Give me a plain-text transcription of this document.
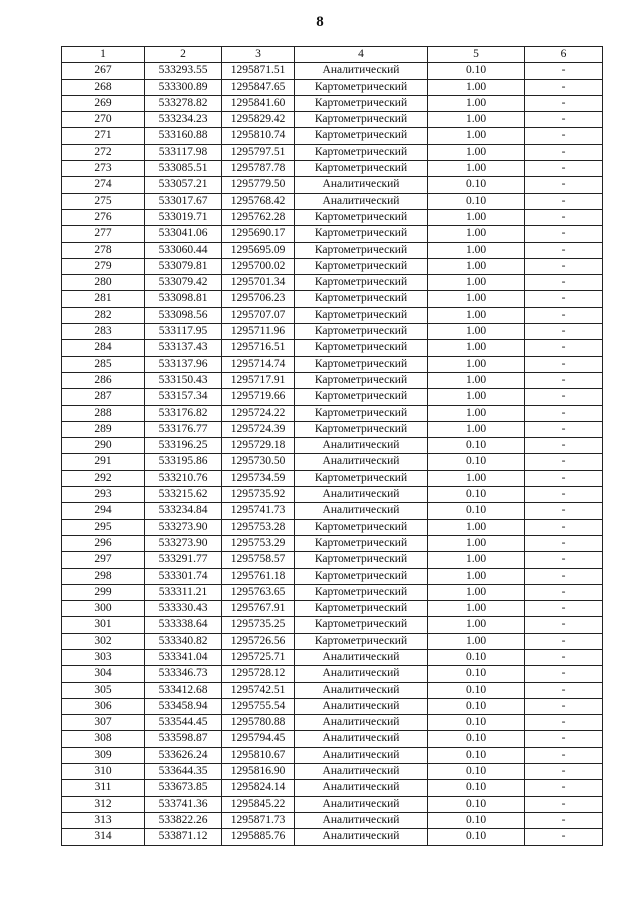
8
1	2	3	4	5	6
267	533293.55	1295871.51	Аналитический	0.10	-
268	533300.89	1295847.65	Картометрический	1.00	-
269	533278.82	1295841.60	Картометрический	1.00	-
270	533234.23	1295829.42	Картометрический	1.00	-
271	533160.88	1295810.74	Картометрический	1.00	-
272	533117.98	1295797.51	Картометрический	1.00	-
273	533085.51	1295787.78	Картометрический	1.00	-
274	533057.21	1295779.50	Аналитический	0.10	-
275	533017.67	1295768.42	Аналитический	0.10	-
276	533019.71	1295762.28	Картометрический	1.00	-
277	533041.06	1295690.17	Картометрический	1.00	-
278	533060.44	1295695.09	Картометрический	1.00	-
279	533079.81	1295700.02	Картометрический	1.00	-
280	533079.42	1295701.34	Картометрический	1.00	-
281	533098.81	1295706.23	Картометрический	1.00	-
282	533098.56	1295707.07	Картометрический	1.00	-
283	533117.95	1295711.96	Картометрический	1.00	-
284	533137.43	1295716.51	Картометрический	1.00	-
285	533137.96	1295714.74	Картометрический	1.00	-
286	533150.43	1295717.91	Картометрический	1.00	-
287	533157.34	1295719.66	Картометрический	1.00	-
288	533176.82	1295724.22	Картометрический	1.00	-
289	533176.77	1295724.39	Картометрический	1.00	-
290	533196.25	1295729.18	Аналитический	0.10	-
291	533195.86	1295730.50	Аналитический	0.10	-
292	533210.76	1295734.59	Картометрический	1.00	-
293	533215.62	1295735.92	Аналитический	0.10	-
294	533234.84	1295741.73	Аналитический	0.10	-
295	533273.90	1295753.28	Картометрический	1.00	-
296	533273.90	1295753.29	Картометрический	1.00	-
297	533291.77	1295758.57	Картометрический	1.00	-
298	533301.74	1295761.18	Картометрический	1.00	-
299	533311.21	1295763.65	Картометрический	1.00	-
300	533330.43	1295767.91	Картометрический	1.00	-
301	533338.64	1295735.25	Картометрический	1.00	-
302	533340.82	1295726.56	Картометрический	1.00	-
303	533341.04	1295725.71	Аналитический	0.10	-
304	533346.73	1295728.12	Аналитический	0.10	-
305	533412.68	1295742.51	Аналитический	0.10	-
306	533458.94	1295755.54	Аналитический	0.10	-
307	533544.45	1295780.88	Аналитический	0.10	-
308	533598.87	1295794.45	Аналитический	0.10	-
309	533626.24	1295810.67	Аналитический	0.10	-
310	533644.35	1295816.90	Аналитический	0.10	-
311	533673.85	1295824.14	Аналитический	0.10	-
312	533741.36	1295845.22	Аналитический	0.10	-
313	533822.26	1295871.73	Аналитический	0.10	-
314	533871.12	1295885.76	Аналитический	0.10	-
